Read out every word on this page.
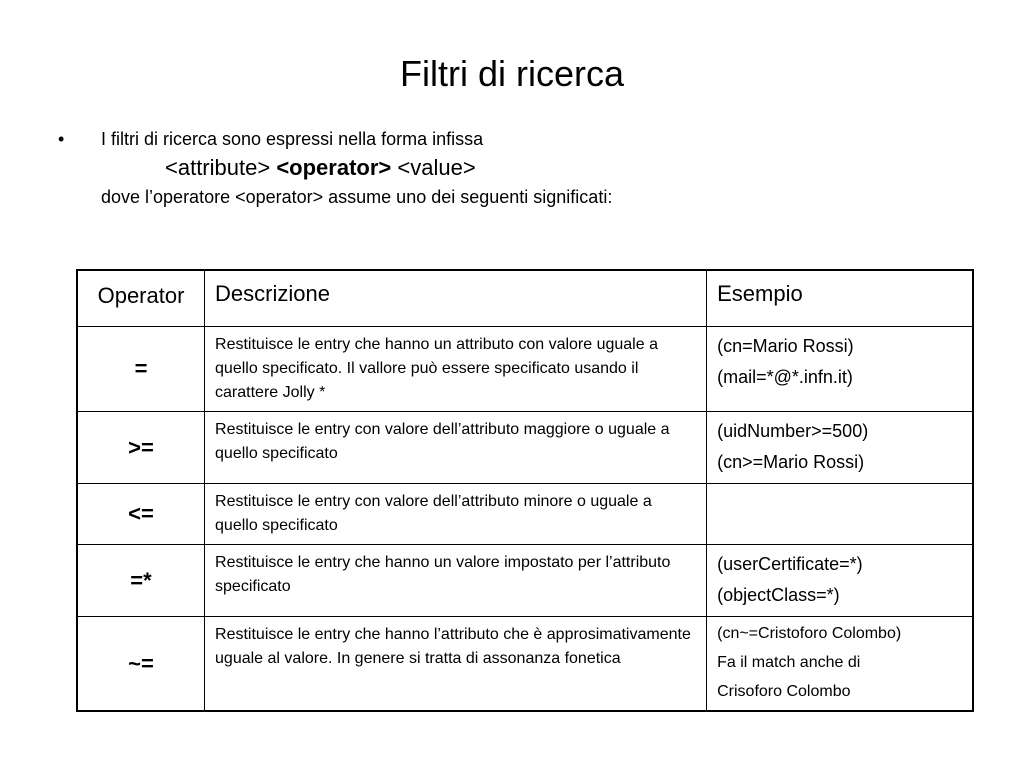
Filtri di ricerca
• I filtri di ricerca sono espressi nella forma infissa
<attribute> <operator> <value>
dove l’operatore <operator> assume uno dei seguenti significati:
Operator	Descrizione	Esempio
=	Restituisce le entry che hanno un attributo con valore uguale a quello specificato. Il vallore può essere specificato usando il carattere Jolly *	(cn=Mario Rossi)
(mail=*@*.infn.it)

>=	Restituisce le entry con valore dell’attributo maggiore o uguale a quello specificato	(uidNumber>=500)
(cn>=Mario Rossi)

<=	Restituisce le entry con valore dell’attributo minore o uguale a quello specificato	
=*	Restituisce le entry che hanno un valore impostato per l’attributo specificato	(userCertificate=*)
(objectClass=*)

~=	Restituisce le entry che hanno l’attributo che è approsimativamente uguale al valore. In genere si tratta di assonanza fonetica	(cn~=Cristoforo Colombo)
Fa il match anche di
Crisoforo Colombo
